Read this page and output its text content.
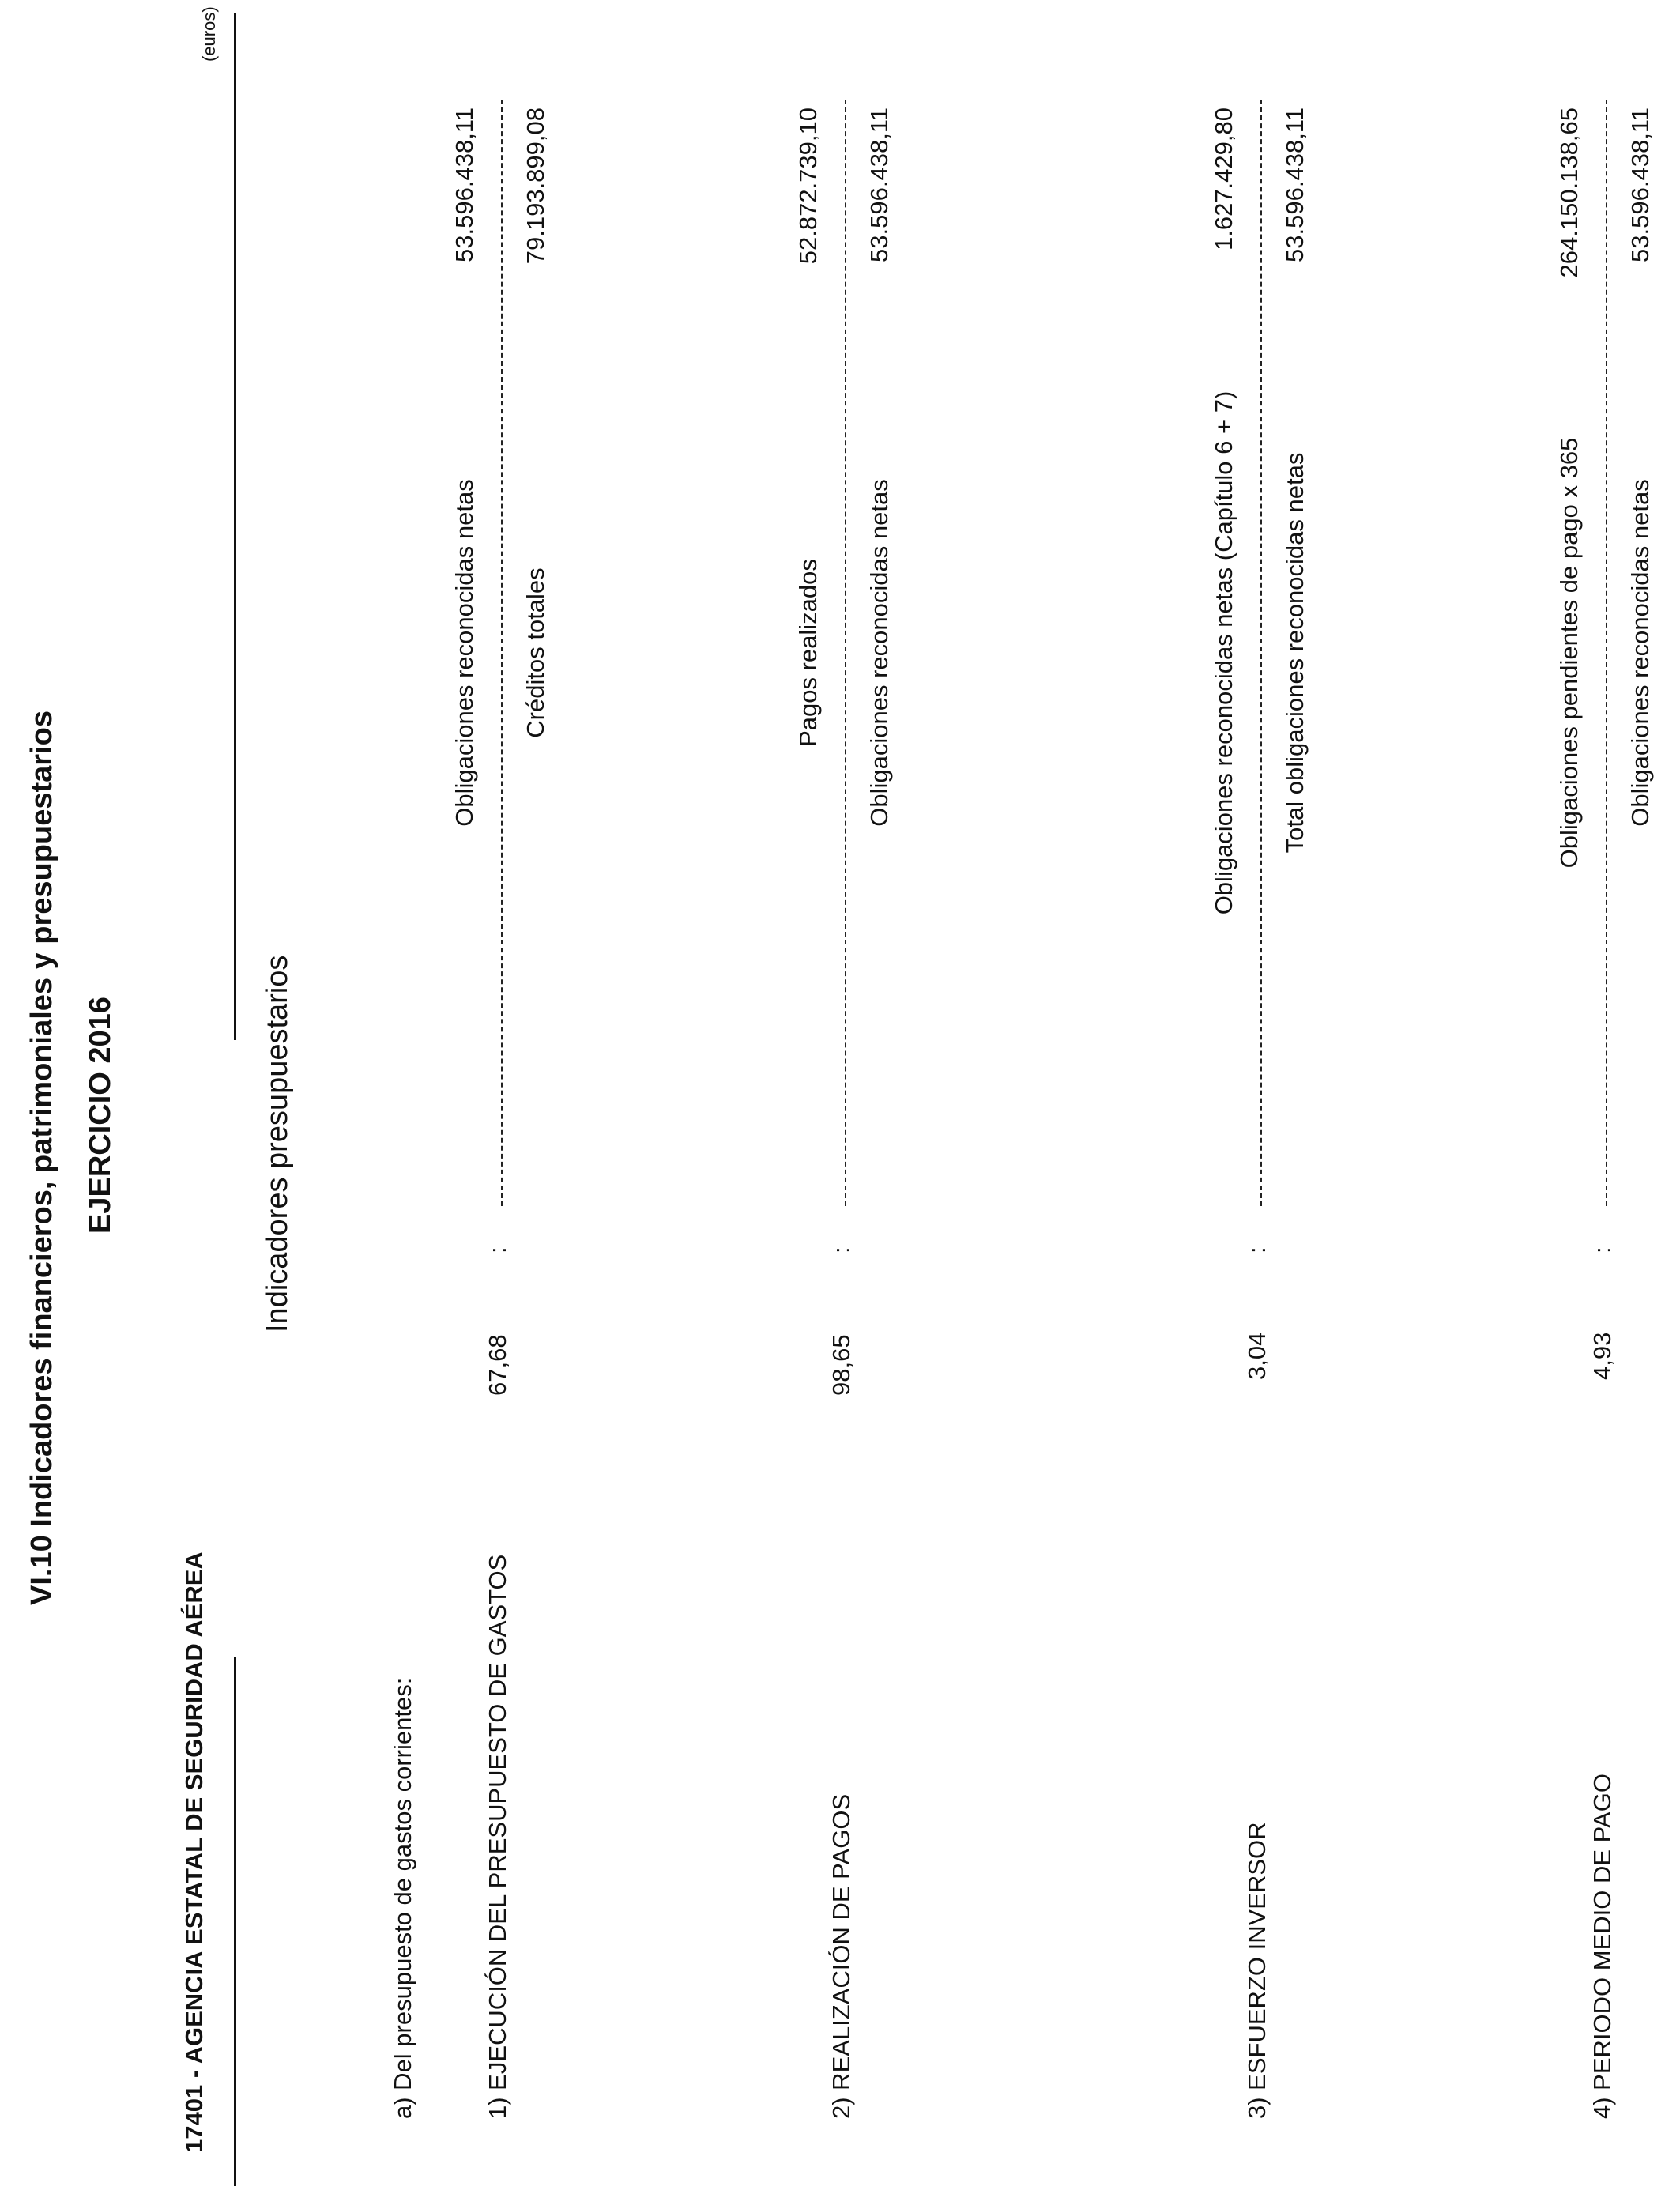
VI.10 Indicadores financieros, patrimoniales y presupuestarios EJERCICIO 2016
17401 - AGENCIA ESTATAL DE SEGURIDAD AÉREA
(euros)
Indicadores presupuestarios
a) Del presupuesto de gastos corrientes:	1) EJECUCIÓN DEL PRESUPUESTO DE GASTOS
67,68
:
Obligaciones reconocidas netas Créditos totales
53.596.438,11 79.193.899,08
2) REALIZACIÓN DE PAGOS
98,65
:
Pagos realizados Obligaciones reconocidas netas
52.872.739,10 53.596.438,11
3) ESFUERZO INVERSOR
3,04
:
Obligaciones reconocidas netas (Capítulo 6 + 7) Total obligaciones reconocidas netas
1.627.429,80 53.596.438,11
4) PERIODO MEDIO DE PAGO
4,93
:
Obligaciones pendientes de pago x 365 Obligaciones reconocidas netas
264.150.138,65 53.596.438,11
